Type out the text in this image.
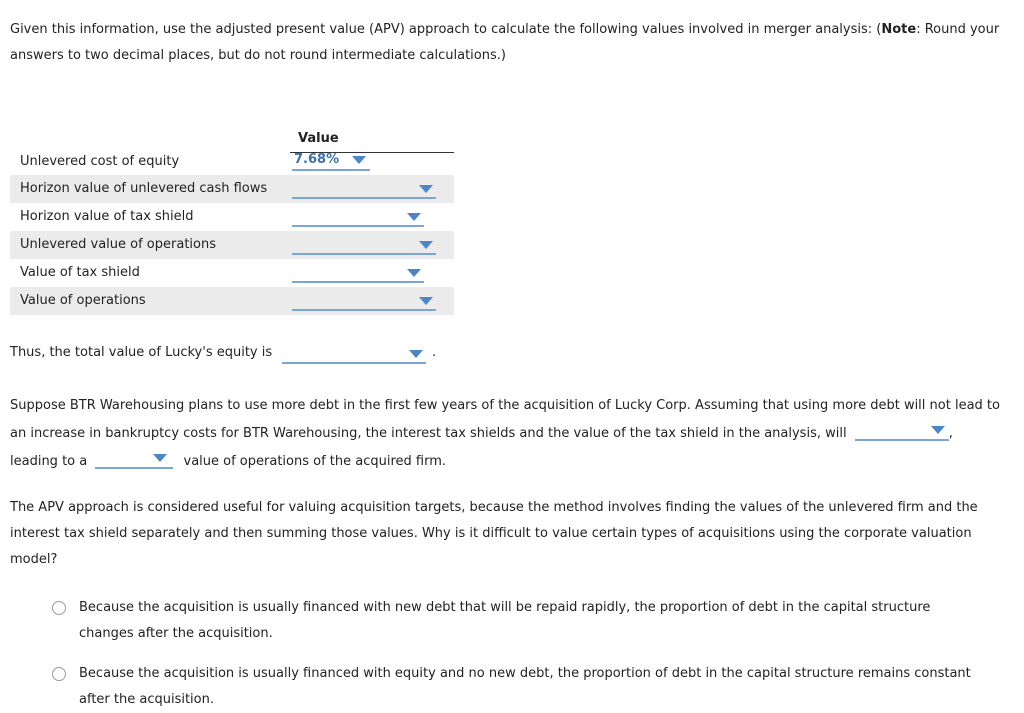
Given this information, use the adjusted present value (APV) approach to calculate the following values involved in merger analysis: (Note: Round your answers to two decimal places, but do not round intermediate calculations.)
Value
Unlevered cost of equity	7.68%
Horizon value of unlevered cash flows
Horizon value of tax shield
Unlevered value of operations
Value of tax shield
Value of operations
Thus, the total value of Lucky's equity is	.
Suppose BTR Warehousing plans to use more debt in the first few years of the acquisition of Lucky Corp. Assuming that using more debt will not lead to an increase in bankruptcy costs for BTR Warehousing, the interest tax shields and the value of the tax shield in the analysis, will	,
leading to a	value of operations of the acquired firm.
The APV approach is considered useful for valuing acquisition targets, because the method involves finding the values of the unlevered firm and the interest tax shield separately and then summing those values. Why is it difficult to value certain types of acquisitions using the corporate valuation model?
Because the acquisition is usually financed with new debt that will be repaid rapidly, the proportion of debt in the capital structure changes after the acquisition.
Because the acquisition is usually financed with equity and no new debt, the proportion of debt in the capital structure remains constant after the acquisition.
